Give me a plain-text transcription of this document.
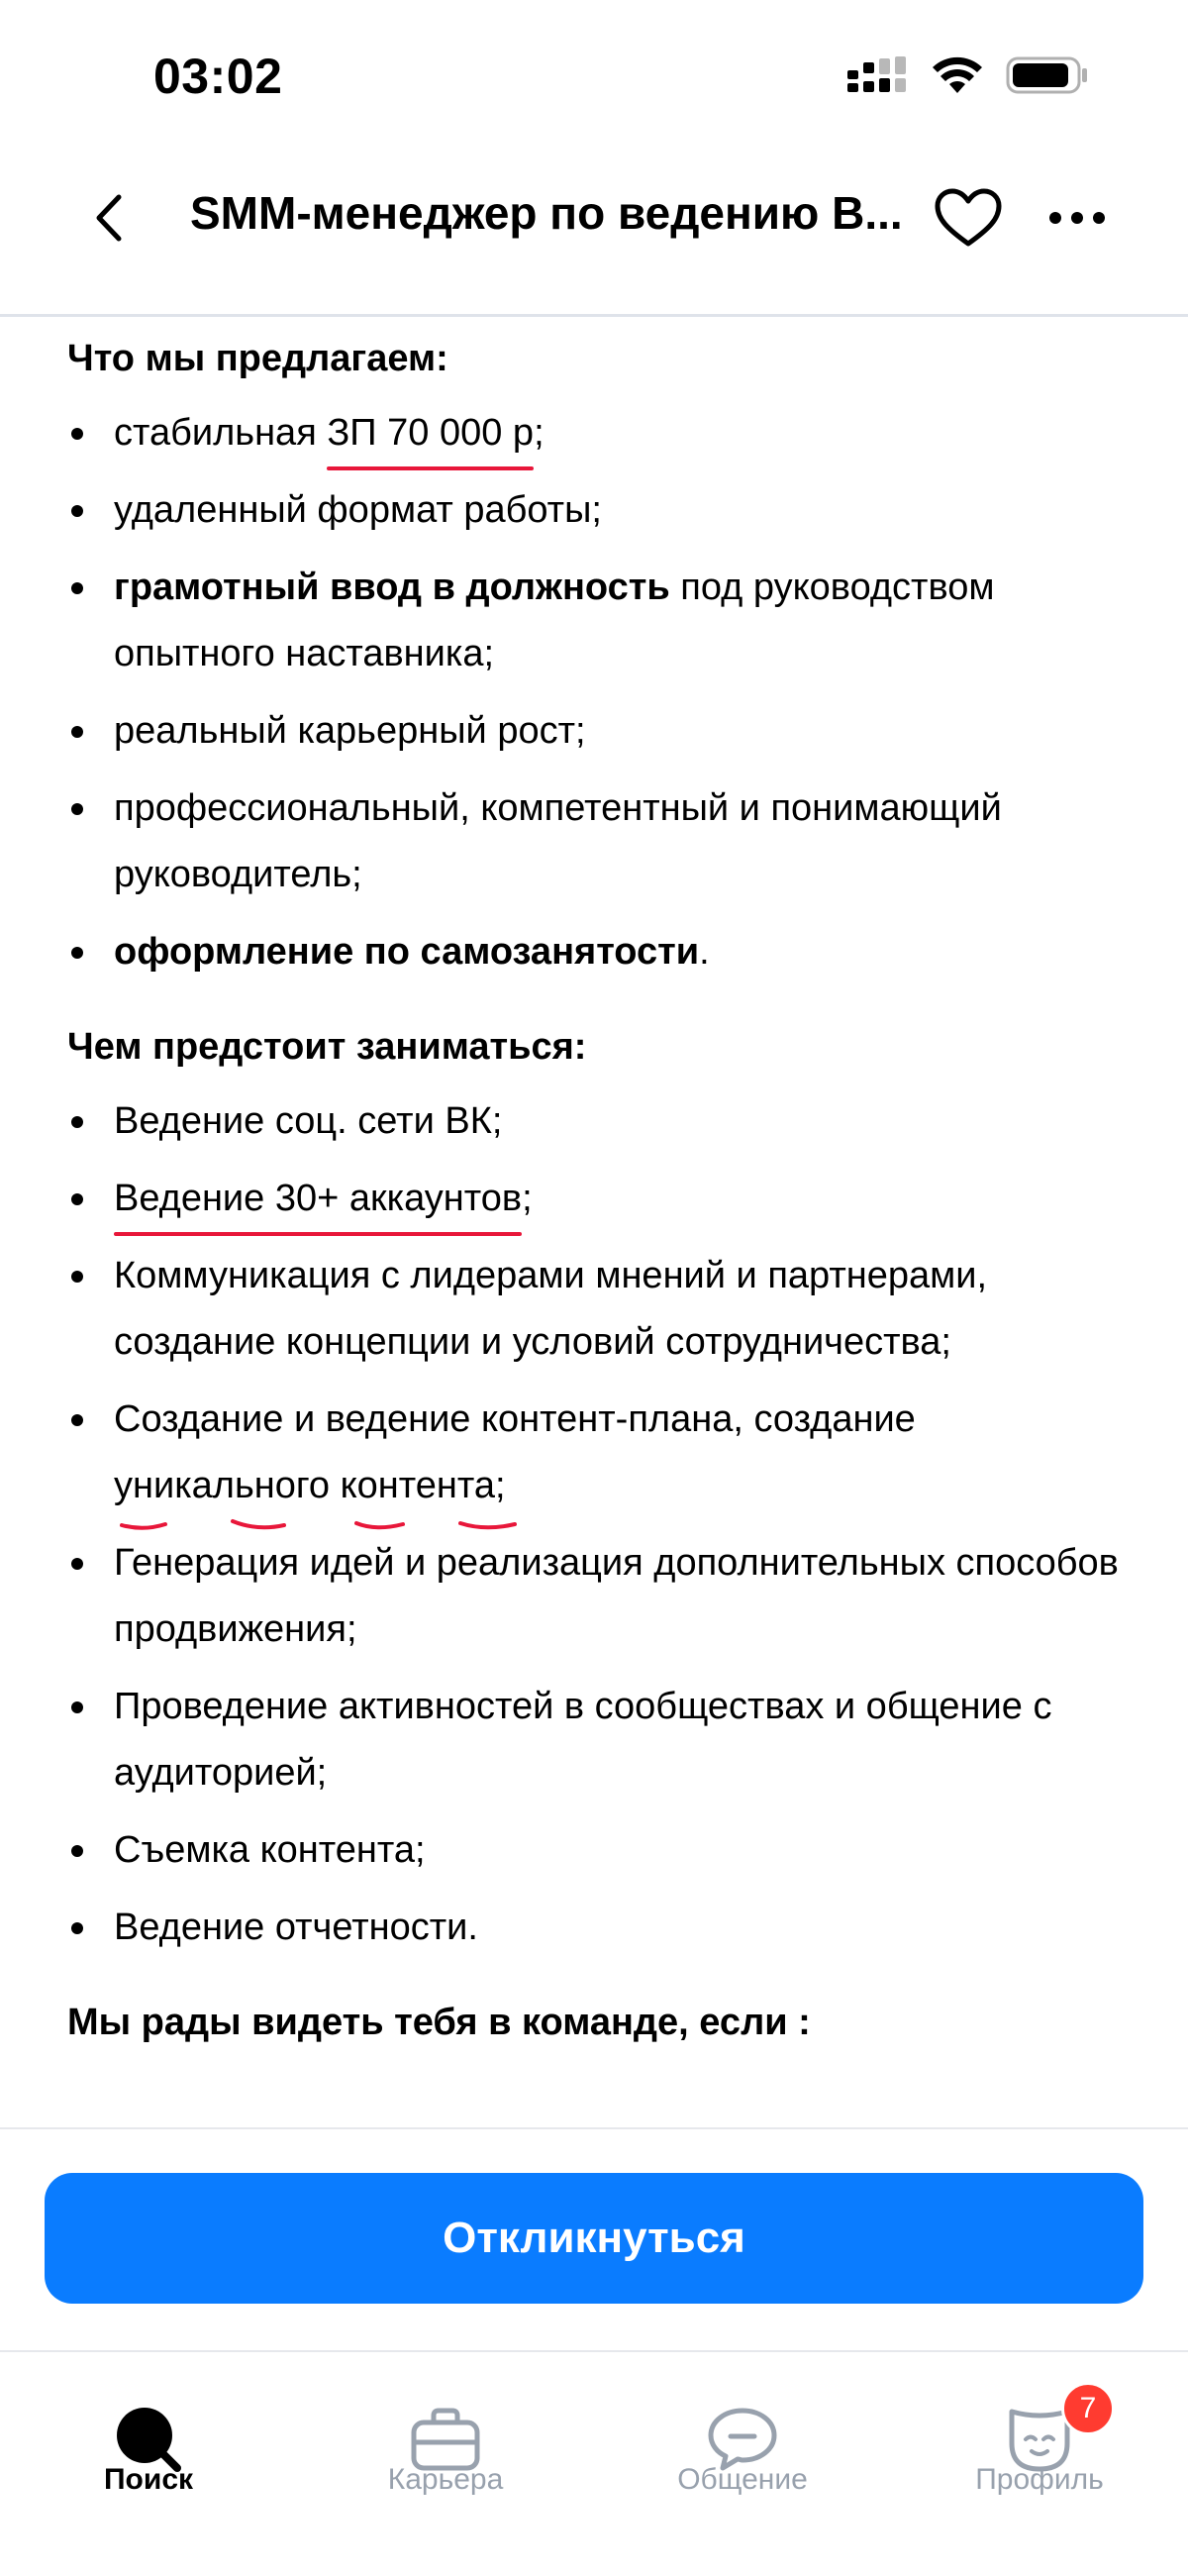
03:02
SMM-менеджер по ведению В...
Что мы предлагаем:
стабильная ЗП 70 000 р;
удаленный формат работы;
грамотный ввод в должность под руководством опытного наставника;
реальный карьерный рост;
профессиональный, компетентный и понимающий руководитель;
оформление по самозанятости.
Чем предстоит заниматься:
Ведение соц. сети ВК;
Ведение 30+ аккаунтов;
Коммуникация с лидерами мнений и партнерами, создание концепции и условий сотрудничества;
Создание и ведение контент-плана, создание уникального контента
;
Генерация идей и реализация дополнительных способов продвижения;
Проведение активностей в сообществах и общение с аудиторией;
Съемка контента;
Ведение отчетности.
Мы рады видеть тебя в команде, если :
Откликнуться
Поиск	Карьера	Общение
7
Профиль
